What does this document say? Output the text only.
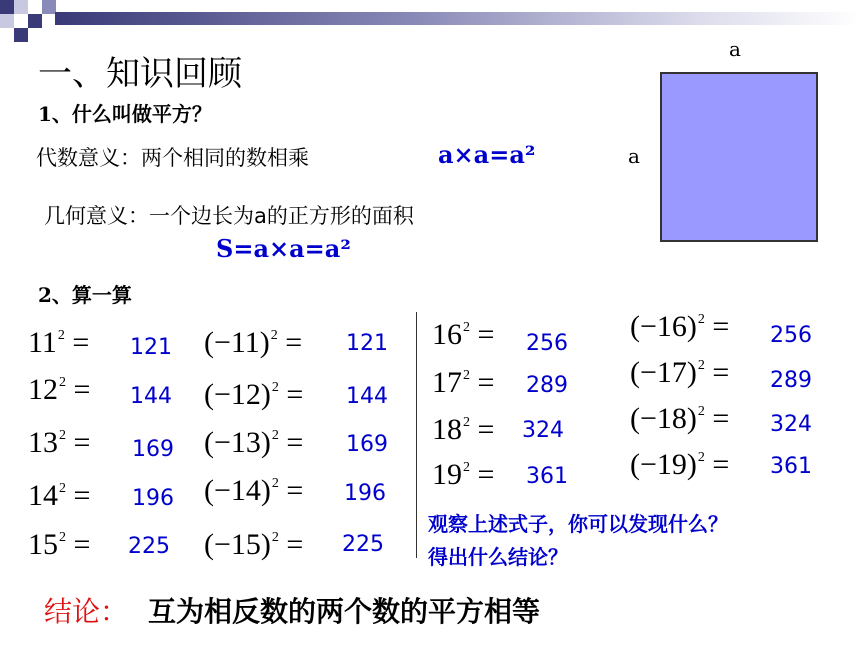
一、知识回顾
1、什么叫做平方？
代数意义：两个相同的数相乘	a×a=a²
几何意义：一个边长为a的正方形的面积
S=a×a=a²
a
a
2、算一算
$11^2 = 121$
$12^2 = 144$
$13^2 = 169$
$14^2 = 196$
$15^2 = 225$
$(-11)^2 = 121$
$(-12)^2 = 144$
$(-13)^2 = 169$
$(-14)^2 = 196$
$(-15)^2 = 225$
$16^2 = 256$
$17^2 = 289$
$18^2 = 324$
$19^2 = 361$
$(-16)^2 = 256$
$(-17)^2 = 289$
$(-18)^2 = 324$
$(-19)^2 = 361$
观察上述式子，你可以发现什么？
得出什么结论？
结论： 互为相反数的两个数的平方相等
